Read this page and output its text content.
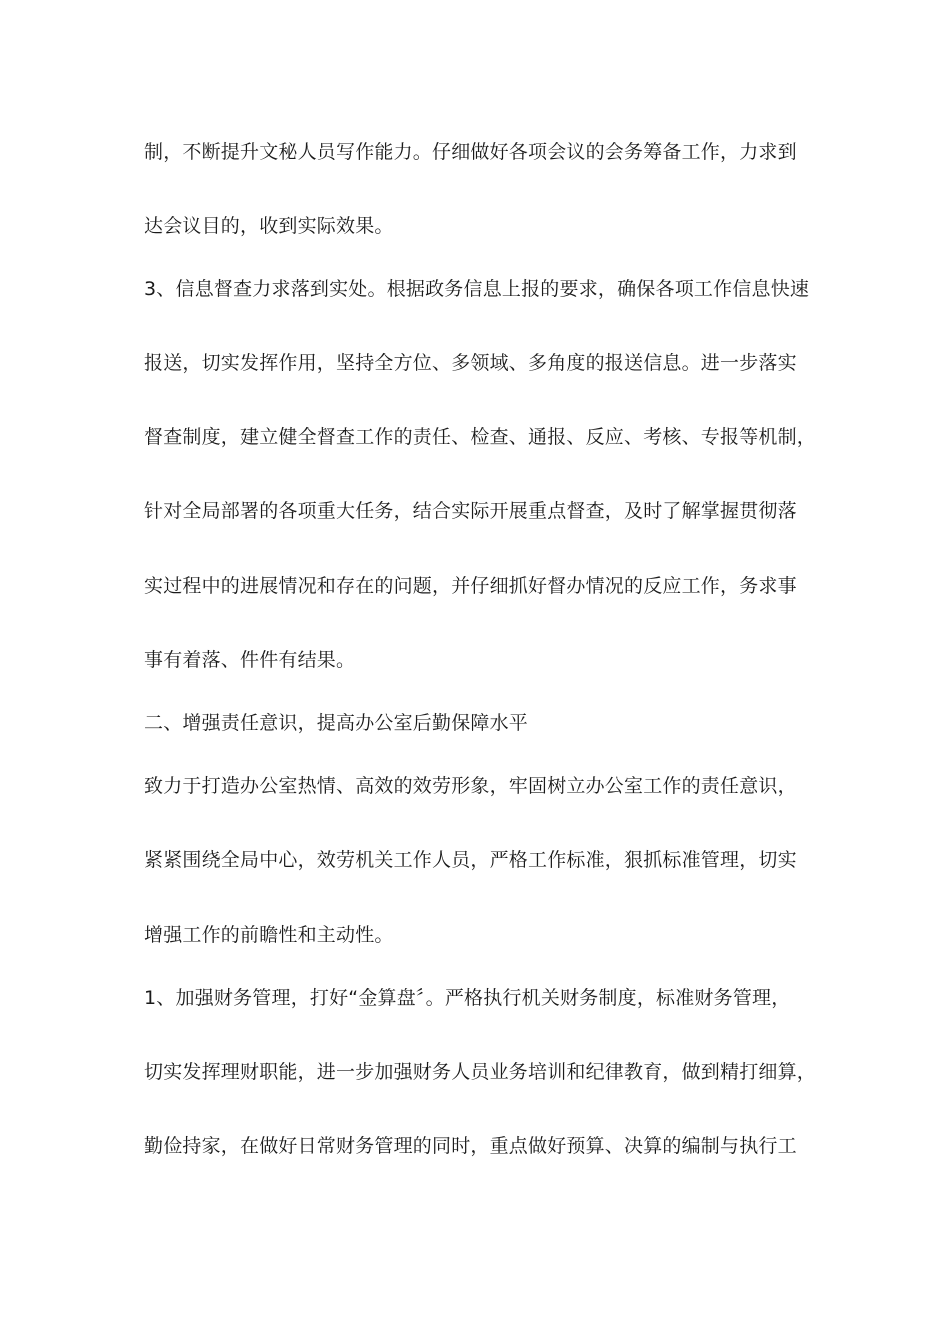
制，不断提升文秘人员写作能力。仔细做好各项会议的会务筹备工作，力求到
达会议目的，收到实际效果。
3、信息督查力求落到实处。根据政务信息上报的要求，确保各项工作信息快速
报送，切实发挥作用，坚持全方位、多领域、多角度的报送信息。进一步落实
督查制度，建立健全督查工作的责任、检查、通报、反应、考核、专报等机制，
针对全局部署的各项重大任务，结合实际开展重点督查，及时了解掌握贯彻落
实过程中的进展情况和存在的问题，并仔细抓好督办情况的反应工作，务求事
事有着落、件件有结果。
二、增强责任意识，提高办公室后勤保障水平
致力于打造办公室热情、高效的效劳形象，牢固树立办公室工作的责任意识，
紧紧围绕全局中心，效劳机关工作人员，严格工作标准，狠抓标准管理，切实
增强工作的前瞻性和主动性。
1、加强财务管理，打好“金算盘〞。严格执行机关财务制度，标准财务管理，
切实发挥理财职能，进一步加强财务人员业务培训和纪律教育，做到精打细算，
勤俭持家，在做好日常财务管理的同时，重点做好预算、决算的编制与执行工
